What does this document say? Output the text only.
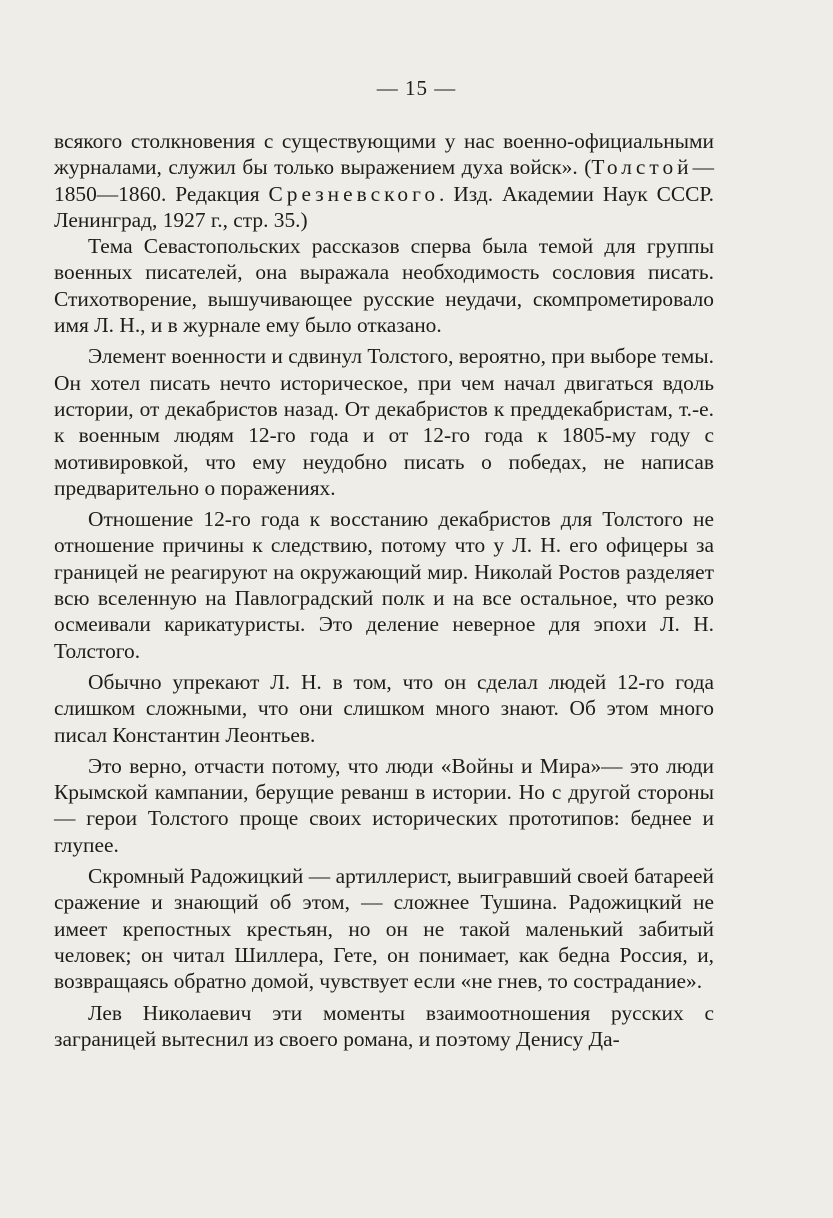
— 15 —

всякого столкновения с существующими у нас военно-официальными журналами, служил бы только выражением духа войск». (Толстой—1850—1860. Редакция Срезневского. Изд. Академии Наук СССР. Ленинград, 1927 г., стр. 35.)

Тема Севастопольских рассказов сперва была темой для группы военных писателей, она выражала необходимость сословия писать. Стихотворение, вышучивающее русские неудачи, скомпрометировало имя Л. Н., и в журнале ему было отказано.

Элемент военности и сдвинул Толстого, вероятно, при выборе темы. Он хотел писать нечто историческое, при чем начал двигаться вдоль истории, от декабристов назад. От декабристов к преддекабристам, т.-е. к военным людям 12-го года и от 12-го года к 1805-му году с мотивировкой, что ему неудобно писать о победах, не написав предварительно о поражениях.

Отношение 12-го года к восстанию декабристов для Толстого не отношение причины к следствию, потому что у Л. Н. его офицеры за границей не реагируют на окружающий мир. Николай Ростов разделяет всю вселенную на Павлоградский полк и на все остальное, что резко осмеивали карикатуристы. Это деление неверное для эпохи Л. Н. Толстого.

Обычно упрекают Л. Н. в том, что он сделал людей 12-го года слишком сложными, что они слишком много знают. Об этом много писал Константин Леонтьев.

Это верно, отчасти потому, что люди «Войны и Мира»— это люди Крымской кампании, берущие реванш в истории. Но с другой стороны — герои Толстого проще своих исторических прототипов: беднее и глупее.

Скромный Радожицкий — артиллерист, выигравший своей батареей сражение и знающий об этом, — сложнее Тушина. Радожицкий не имеет крепостных крестьян, но он не такой маленький забитый человек; он читал Шиллера, Гете, он понимает, как бедна Россия, и, возвращаясь обратно домой, чувствует если «не гнев, то сострадание».

Лев Николаевич эти моменты взаимоотношения русских с заграницей вытеснил из своего романа, и поэтому Денису Да-
